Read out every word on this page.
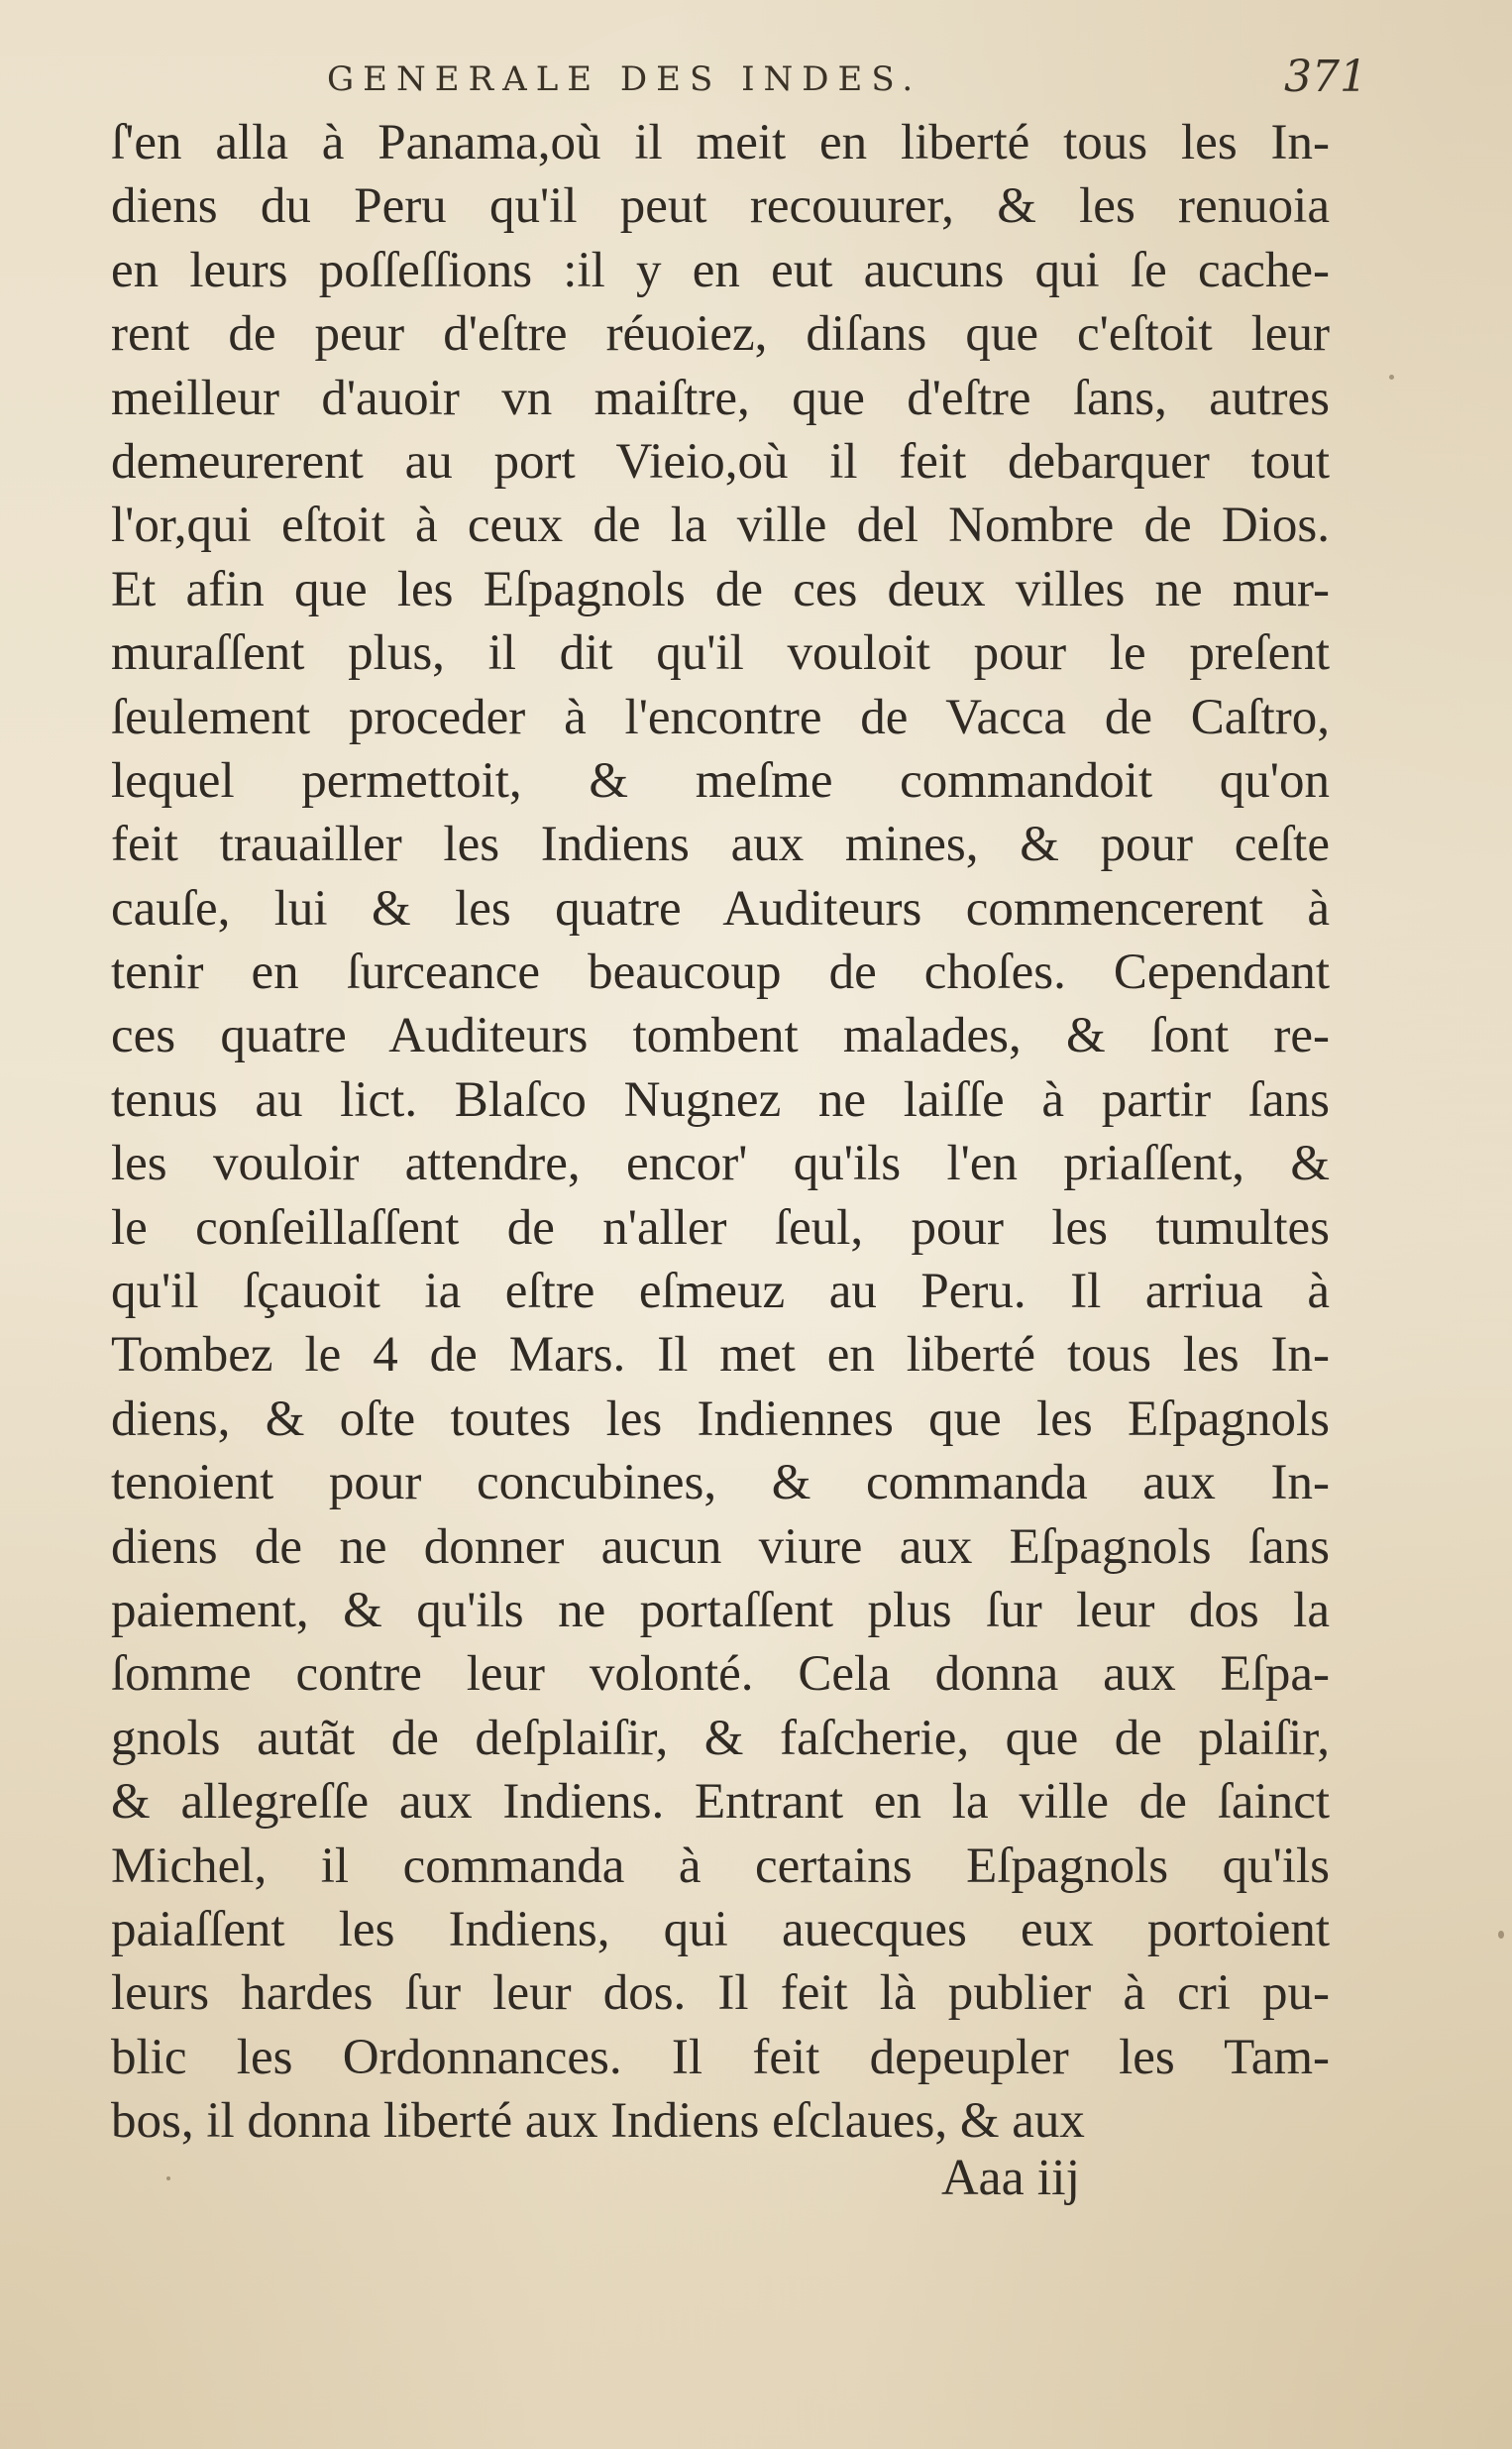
GENERALE DES INDES.	371
ſ'en alla à Panama,où il meit en liberté tous les In-
diens du Peru qu'il peut recouurer, & les renuoia
en leurs poſſeſſions :il y en eut aucuns qui ſe cache-
rent de peur d'eſtre réuoiez, diſans que c'eſtoit leur
meilleur d'auoir vn maiſtre, que d'eſtre ſans, autres
demeurerent au port Vieio,où il feit debarquer tout
l'or,qui eſtoit à ceux de la ville del Nombre de Dios.
Et afin que les Eſpagnols de ces deux villes ne mur-
muraſſent plus, il dit qu'il vouloit pour le preſent
ſeulement proceder à l'encontre de Vacca de Caſtro,
lequel permettoit, & meſme commandoit qu'on
feit trauailler les Indiens aux mines, & pour ceſte
cauſe, lui & les quatre Auditeurs commencerent à
tenir en ſurceance beaucoup de choſes. Cependant
ces quatre Auditeurs tombent malades, & ſont re-
tenus au lict. Blaſco Nugnez ne laiſſe à partir ſans
les vouloir attendre, encor' qu'ils l'en priaſſent, &
le conſeillaſſent de n'aller ſeul, pour les tumultes
qu'il ſçauoit ia eſtre eſmeuz au Peru. Il arriua à
Tombez le 4 de Mars. Il met en liberté tous les In-
diens, & oſte toutes les Indiennes que les Eſpagnols
tenoient pour concubines, & commanda aux In-
diens de ne donner aucun viure aux Eſpagnols ſans
paiement, & qu'ils ne portaſſent plus ſur leur dos la
ſomme contre leur volonté. Cela donna aux Eſpa-
gnols autãt de deſplaiſir, & faſcherie, que de plaiſir,
& allegreſſe aux Indiens. Entrant en la ville de ſainct
Michel, il commanda à certains Eſpagnols qu'ils
paiaſſent les Indiens, qui auecques eux portoient
leurs hardes ſur leur dos. Il feit là publier à cri pu-
blic les Ordonnances. Il feit depeupler les Tam-
bos, il donna liberté aux Indiens eſclaues, & aux
Aaa iij
